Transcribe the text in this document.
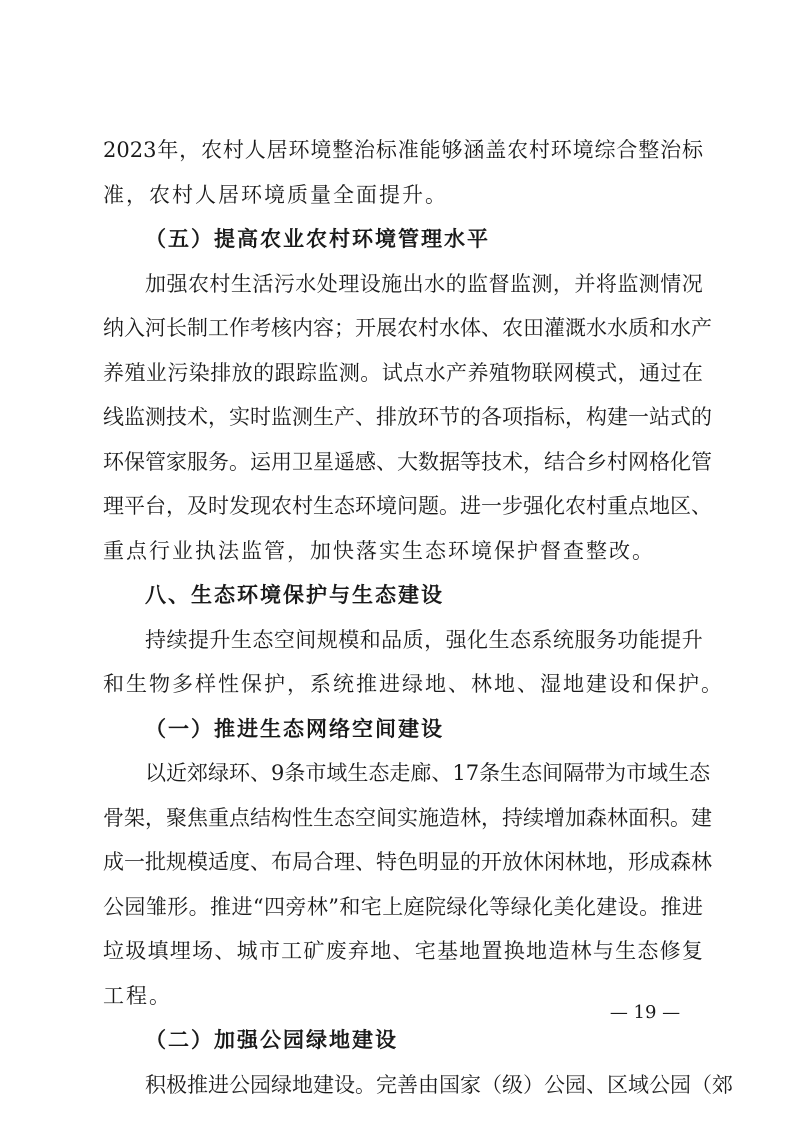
2023 年 ， 农 村 人 居 环 境 整 治 标 准 能 够 涵 盖 农 村 环 境 综 合 整 治 标
准，农村人居环境质量全面提升。
（五）提高农业农村环境管理水平
加 强 农 村 生 活 污 水 处 理 设 施 出 水 的 监 督 监 测 ， 并 将 监 测 情 况
纳 入 河 长 制 工 作 考 核 内 容 ； 开 展 农 村 水 体 、 农 田 灌 溉 水 水 质 和 水 产
养 殖 业 污 染 排 放 的 跟 踪 监 测 。 试 点 水 产 养 殖 物 联 网 模 式 ， 通 过 在
线 监 测 技 术 ， 实 时 监 测 生 产 、 排 放 环 节 的 各 项 指 标 ， 构 建 一 站 式 的
环 保 管 家 服 务 。 运 用 卫 星 遥 感 、 大 数 据 等 技 术 ， 结 合 乡 村 网 格 化 管
理 平 台 ， 及 时 发 现 农 村 生 态 环 境 问 题 。 进 一 步 强 化 农 村 重 点 地 区 、
重点行业执法监管，加快落实生态环境保护督查整改。
八、生态环境保护与生态建设
持 续 提 升 生 态 空 间 规 模 和 品 质 ， 强 化 生 态 系 统 服 务 功 能 提 升
和生物多样性保护，系统推进绿地、林地、湿地建设和保护。
（一）推进生态网络空间建设
以 近 郊 绿 环 、 9 条 市 域 生 态 走 廊 、 17 条 生 态 间 隔 带 为 市 域 生 态
骨 架 ， 聚 焦 重 点 结 构 性 生 态 空 间 实 施 造 林 ， 持 续 增 加 森 林 面 积 。 建
成 一 批 规 模 适 度 、 布 局 合 理 、 特 色 明 显 的 开 放 休 闲 林 地 ， 形 成 森 林
公 园 雏 形 。 推 进 “ 四 旁 林 ” 和 宅 上 庭 院 绿 化 等 绿 化 美 化 建 设 。 推 进
垃 圾 填 埋 场 、 城 市 工 矿 废 弃 地 、 宅 基 地 置 换 地 造 林 与 生 态 修 复
工程。
（二）加强公园绿地建设
积 极 推 进 公 园 绿 地 建 设 。 完 善 由 国 家 （ 级 ） 公 园 、 区 域 公 园 （ 郊
— 19 —
